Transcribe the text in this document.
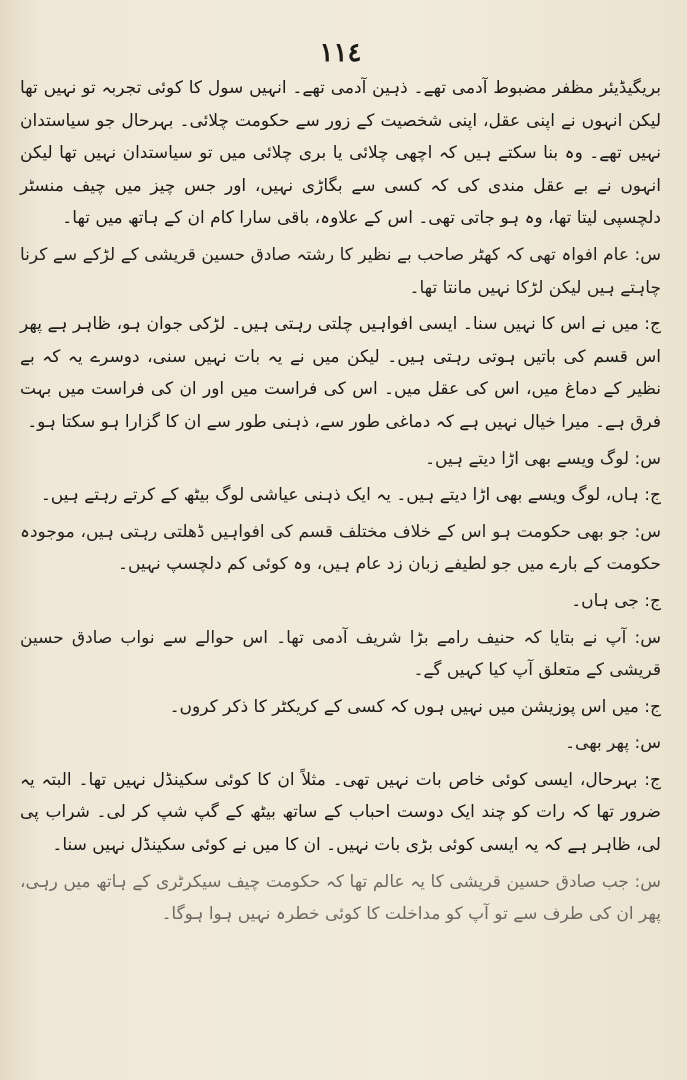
١١٤

بریگیڈیئر مظفر مضبوط آدمی تھے۔ ذہین آدمی تھے۔ انہیں سول کا کوئی تجربہ تو نہیں تھا لیکن انہوں نے اپنی عقل، اپنی شخصیت کے زور سے حکومت چلائی۔ بہرحال جو سیاستدان نہیں تھے۔ وہ بنا سکتے ہیں کہ اچھی چلائی یا بری چلائی میں تو سیاستدان نہیں تھا لیکن انہوں نے بے عقل مندی کی کہ کسی سے بگاڑی نہیں، اور جس چیز میں چیف منسٹر دلچسپی لیتا تھا، وہ ہو جاتی تھی۔ اس کے علاوہ، باقی سارا کام ان کے ہاتھ میں تھا۔

س: عام افواہ تھی کہ کھٹر صاحب بے نظیر کا رشتہ صادق حسین قریشی کے لڑکے سے کرنا چاہتے ہیں لیکن لڑکا نہیں مانتا تھا۔

ج: میں نے اس کا نہیں سنا۔ ایسی افواہیں چلتی رہتی ہیں۔ لڑکی جوان ہو، ظاہر ہے پھر اس قسم کی باتیں ہوتی رہتی ہیں۔ لیکن میں نے یہ بات نہیں سنی، دوسرے یہ کہ بے نظیر کے دماغ میں، اس کی عقل میں۔ اس کی فراست میں اور ان کی فراست میں بہت فرق ہے۔ میرا خیال نہیں ہے کہ دماغی طور سے، ذہنی طور سے ان کا گزارا ہو سکتا ہو۔

س: لوگ ویسے بھی اڑا دیتے ہیں۔

ج: ہاں، لوگ ویسے بھی اڑا دیتے ہیں۔ یہ ایک ذہنی عیاشی لوگ بیٹھ کے کرتے رہتے ہیں۔

س: جو بھی حکومت ہو اس کے خلاف مختلف قسم کی افواہیں ڈھلتی رہتی ہیں، موجودہ حکومت کے بارے میں جو لطیفے زبان زد عام ہیں، وہ کوئی کم دلچسپ نہیں۔

ج: جی ہاں۔

س: آپ نے بتایا کہ حنیف رامے بڑا شریف آدمی تھا۔ اس حوالے سے نواب صادق حسین قریشی کے متعلق آپ کیا کہیں گے۔

ج: میں اس پوزیشن میں نہیں ہوں کہ کسی کے کریکٹر کا ذکر کروں۔

س: پھر بھی۔

ج: بہرحال، ایسی کوئی خاص بات نہیں تھی۔ مثلاً ان کا کوئی سکینڈل نہیں تھا۔ البتہ یہ ضرور تھا کہ رات کو چند ایک دوست احباب کے ساتھ بیٹھ کے گپ شپ کر لی۔ شراب پی لی، ظاہر ہے کہ یہ ایسی کوئی بڑی بات نہیں۔ ان کا میں نے کوئی سکینڈل نہیں سنا۔

س: جب صادق حسین قریشی کا یہ عالم تھا کہ حکومت چیف سیکرٹری کے ہاتھ میں رہی، پھر ان کی طرف سے تو آپ کو مداخلت کا کوئی خطرہ نہیں ہوا ہوگا۔
